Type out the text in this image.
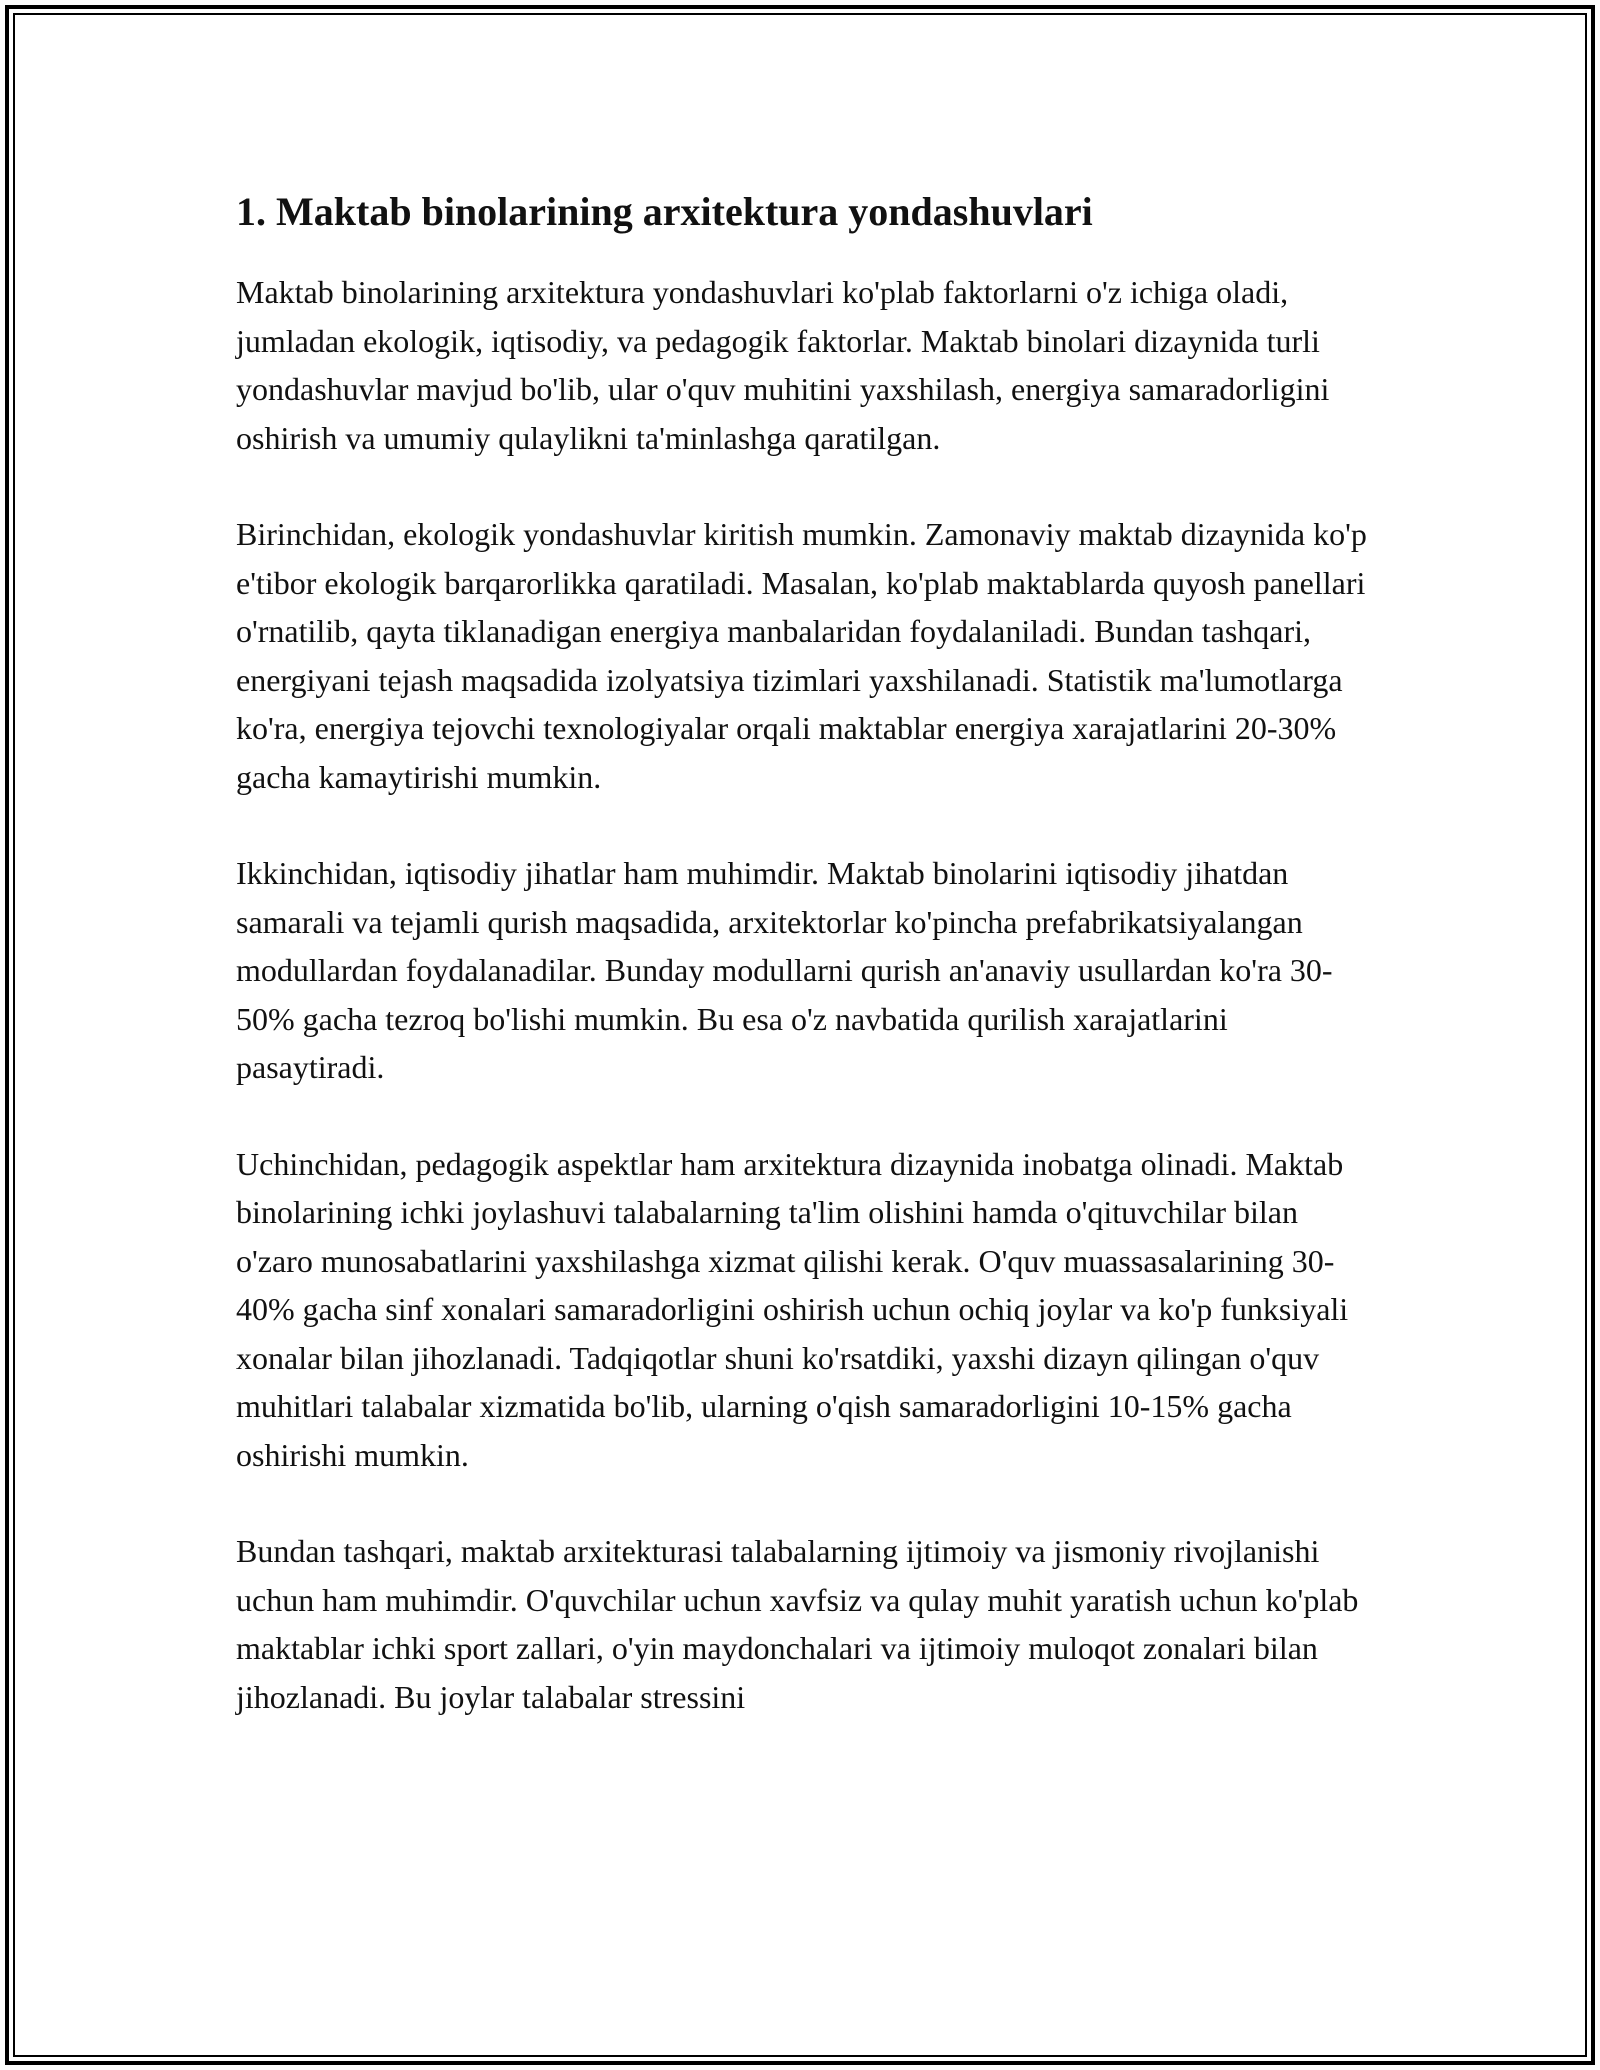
1. Maktab binolarining arxitektura yondashuvlari

Maktab binolarining arxitektura yondashuvlari ko'plab faktorlarni o'z ichiga oladi, jumladan ekologik, iqtisodiy, va pedagogik faktorlar. Maktab binolari dizaynida turli yondashuvlar mavjud bo'lib, ular o'quv muhitini yaxshilash, energiya samaradorligini oshirish va umumiy qulaylikni ta'minlashga qaratilgan.

Birinchidan, ekologik yondashuvlar kiritish mumkin. Zamonaviy maktab dizaynida ko'p e'tibor ekologik barqarorlikka qaratiladi. Masalan, ko'plab maktablarda quyosh panellari o'rnatilib, qayta tiklanadigan energiya manbalaridan foydalaniladi. Bundan tashqari, energiyani tejash maqsadida izolyatsiya tizimlari yaxshilanadi. Statistik ma'lumotlarga ko'ra, energiya tejovchi texnologiyalar orqali maktablar energiya xarajatlarini 20-30% gacha kamaytirishi mumkin.

Ikkinchidan, iqtisodiy jihatlar ham muhimdir. Maktab binolarini iqtisodiy jihatdan samarali va tejamli qurish maqsadida, arxitektorlar ko'pincha prefabrikatsiyalangan modullardan foydalanadilar. Bunday modullarni qurish an'anaviy usullardan ko'ra 30-50% gacha tezroq bo'lishi mumkin. Bu esa o'z navbatida qurilish xarajatlarini pasaytiradi.

Uchinchidan, pedagogik aspektlar ham arxitektura dizaynida inobatga olinadi. Maktab binolarining ichki joylashuvi talabalarning ta'lim olishini hamda o'qituvchilar bilan o'zaro munosabatlarini yaxshilashga xizmat qilishi kerak. O'quv muassasalarining 30-40% gacha sinf xonalari samaradorligini oshirish uchun ochiq joylar va ko'p funksiyali xonalar bilan jihozlanadi. Tadqiqotlar shuni ko'rsatdiki, yaxshi dizayn qilingan o'quv muhitlari talabalar xizmatida bo'lib, ularning o'qish samaradorligini 10-15% gacha oshirishi mumkin.

Bundan tashqari, maktab arxitekturasi talabalarning ijtimoiy va jismoniy rivojlanishi uchun ham muhimdir. O'quvchilar uchun xavfsiz va qulay muhit yaratish uchun ko'plab maktablar ichki sport zallari, o'yin maydonchalari va ijtimoiy muloqot zonalari bilan jihozlanadi. Bu joylar talabalar stressini
